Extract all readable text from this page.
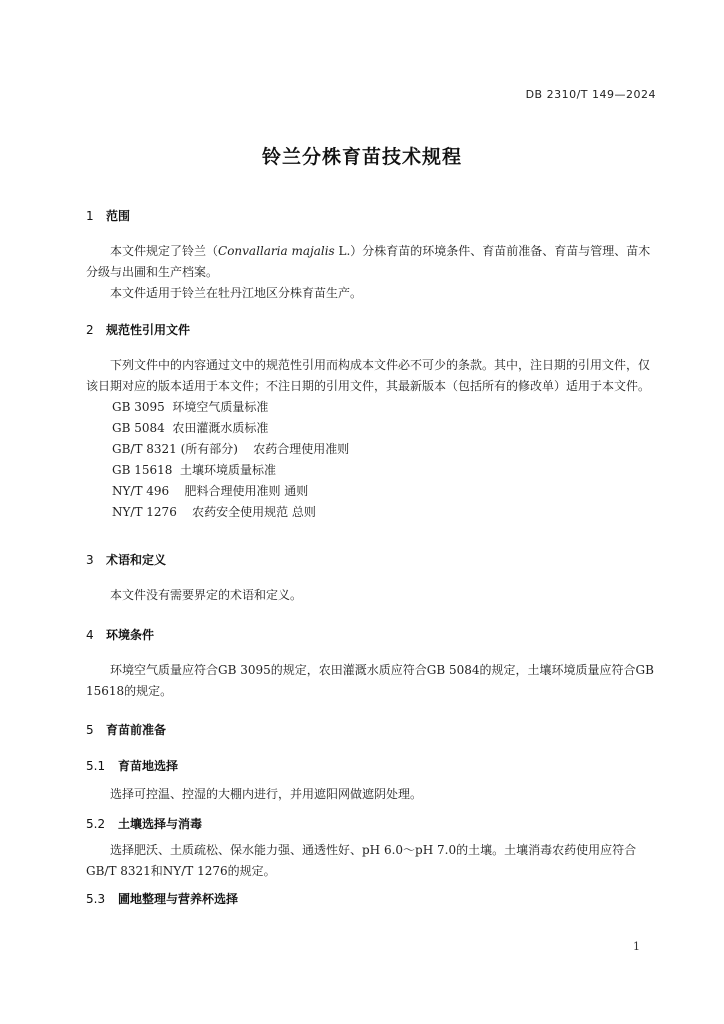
DB 2310/T 149—2024
铃兰分株育苗技术规程
1 范围

本文件规定了铃兰（Convallaria majalis L.）分株育苗的环境条件、育苗前准备、育苗与管理、苗木分级与出圃和生产档案。

本文件适用于铃兰在牡丹江地区分株育苗生产。

2 规范性引用文件

下列文件中的内容通过文中的规范性引用而构成本文件必不可少的条款。其中，注日期的引用文件，仅该日期对应的版本适用于本文件；不注日期的引用文件，其最新版本（包括所有的修改单）适用于本文件。

GB 3095 环境空气质量标准

GB 5084 农田灌溉水质标准

GB/T 8321 (所有部分) 农药合理使用准则

GB 15618 土壤环境质量标准

NY/T 496 肥料合理使用准则 通则

NY/T 1276 农药安全使用规范 总则

3 术语和定义

本文件没有需要界定的术语和定义。

4 环境条件

环境空气质量应符合GB 3095的规定，农田灌溉水质应符合GB 5084的规定，土壤环境质量应符合GB 15618的规定。

5 育苗前准备
5.1 育苗地选择

选择可控温、控湿的大棚内进行，并用遮阳网做遮阴处理。

5.2 土壤选择与消毒

选择肥沃、土质疏松、保水能力强、通透性好、pH 6.0～pH 7.0的土壤。土壤消毒农药使用应符合GB/T 8321和NY/T 1276的规定。

5.3 圃地整理与营养杯选择
1
